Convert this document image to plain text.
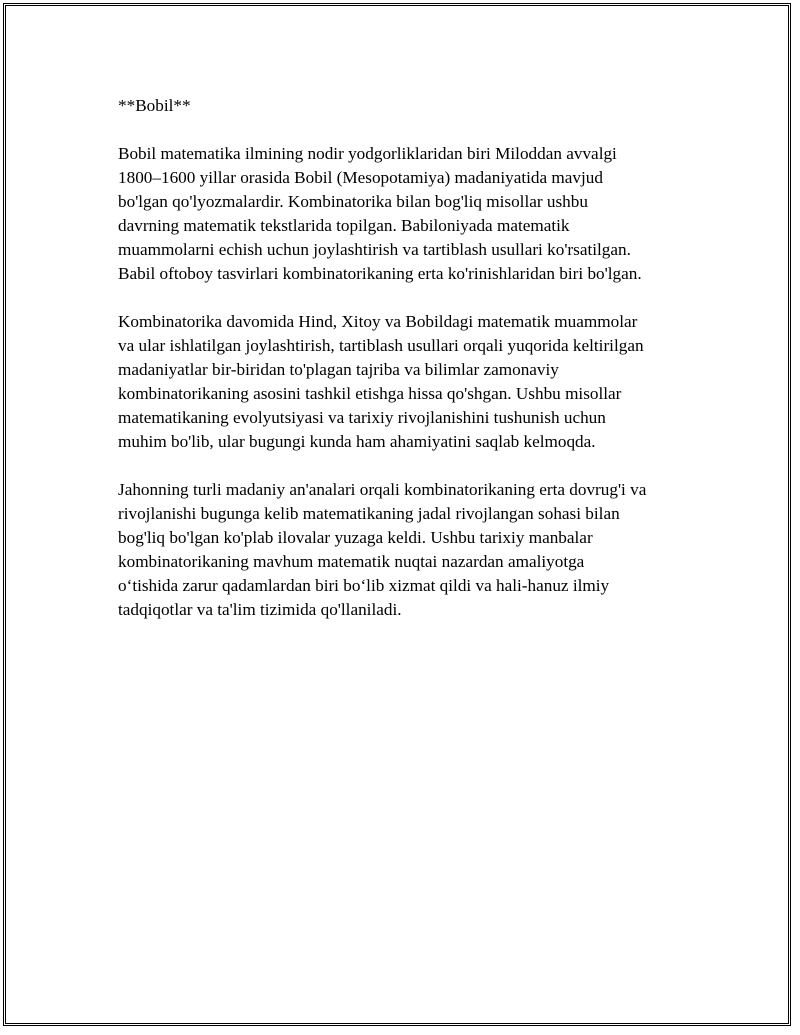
**Bobil**
Bobil matematika ilmining nodir yodgorliklaridan biri Miloddan avvalgi
1800–1600 yillar orasida Bobil (Mesopotamiya) madaniyatida mavjud
bo'lgan qo'lyozmalardir. Kombinatorika bilan bog'liq misollar ushbu
davrning matematik tekstlarida topilgan. Babiloniyada matematik
muammolarni echish uchun joylashtirish va tartiblash usullari ko'rsatilgan.
Babil oftoboy tasvirlari kombinatorikaning erta ko'rinishlaridan biri bo'lgan.
Kombinatorika davomida Hind, Xitoy va Bobildagi matematik muammolar
va ular ishlatilgan joylashtirish, tartiblash usullari orqali yuqorida keltirilgan
madaniyatlar bir-biridan to'plagan tajriba va bilimlar zamonaviy
kombinatorikaning asosini tashkil etishga hissa qo'shgan. Ushbu misollar
matematikaning evolyutsiyasi va tarixiy rivojlanishini tushunish uchun
muhim bo'lib, ular bugungi kunda ham ahamiyatini saqlab kelmoqda.
Jahonning turli madaniy an'analari orqali kombinatorikaning erta dovrug'i va
rivojlanishi bugunga kelib matematikaning jadal rivojlangan sohasi bilan
bog'liq bo'lgan ko'plab ilovalar yuzaga keldi. Ushbu tarixiy manbalar
kombinatorikaning mavhum matematik nuqtai nazardan amaliyotga
o‘tishida zarur qadamlardan biri bo‘lib xizmat qildi va hali-hanuz ilmiy
tadqiqotlar va ta'lim tizimida qo'llaniladi.
